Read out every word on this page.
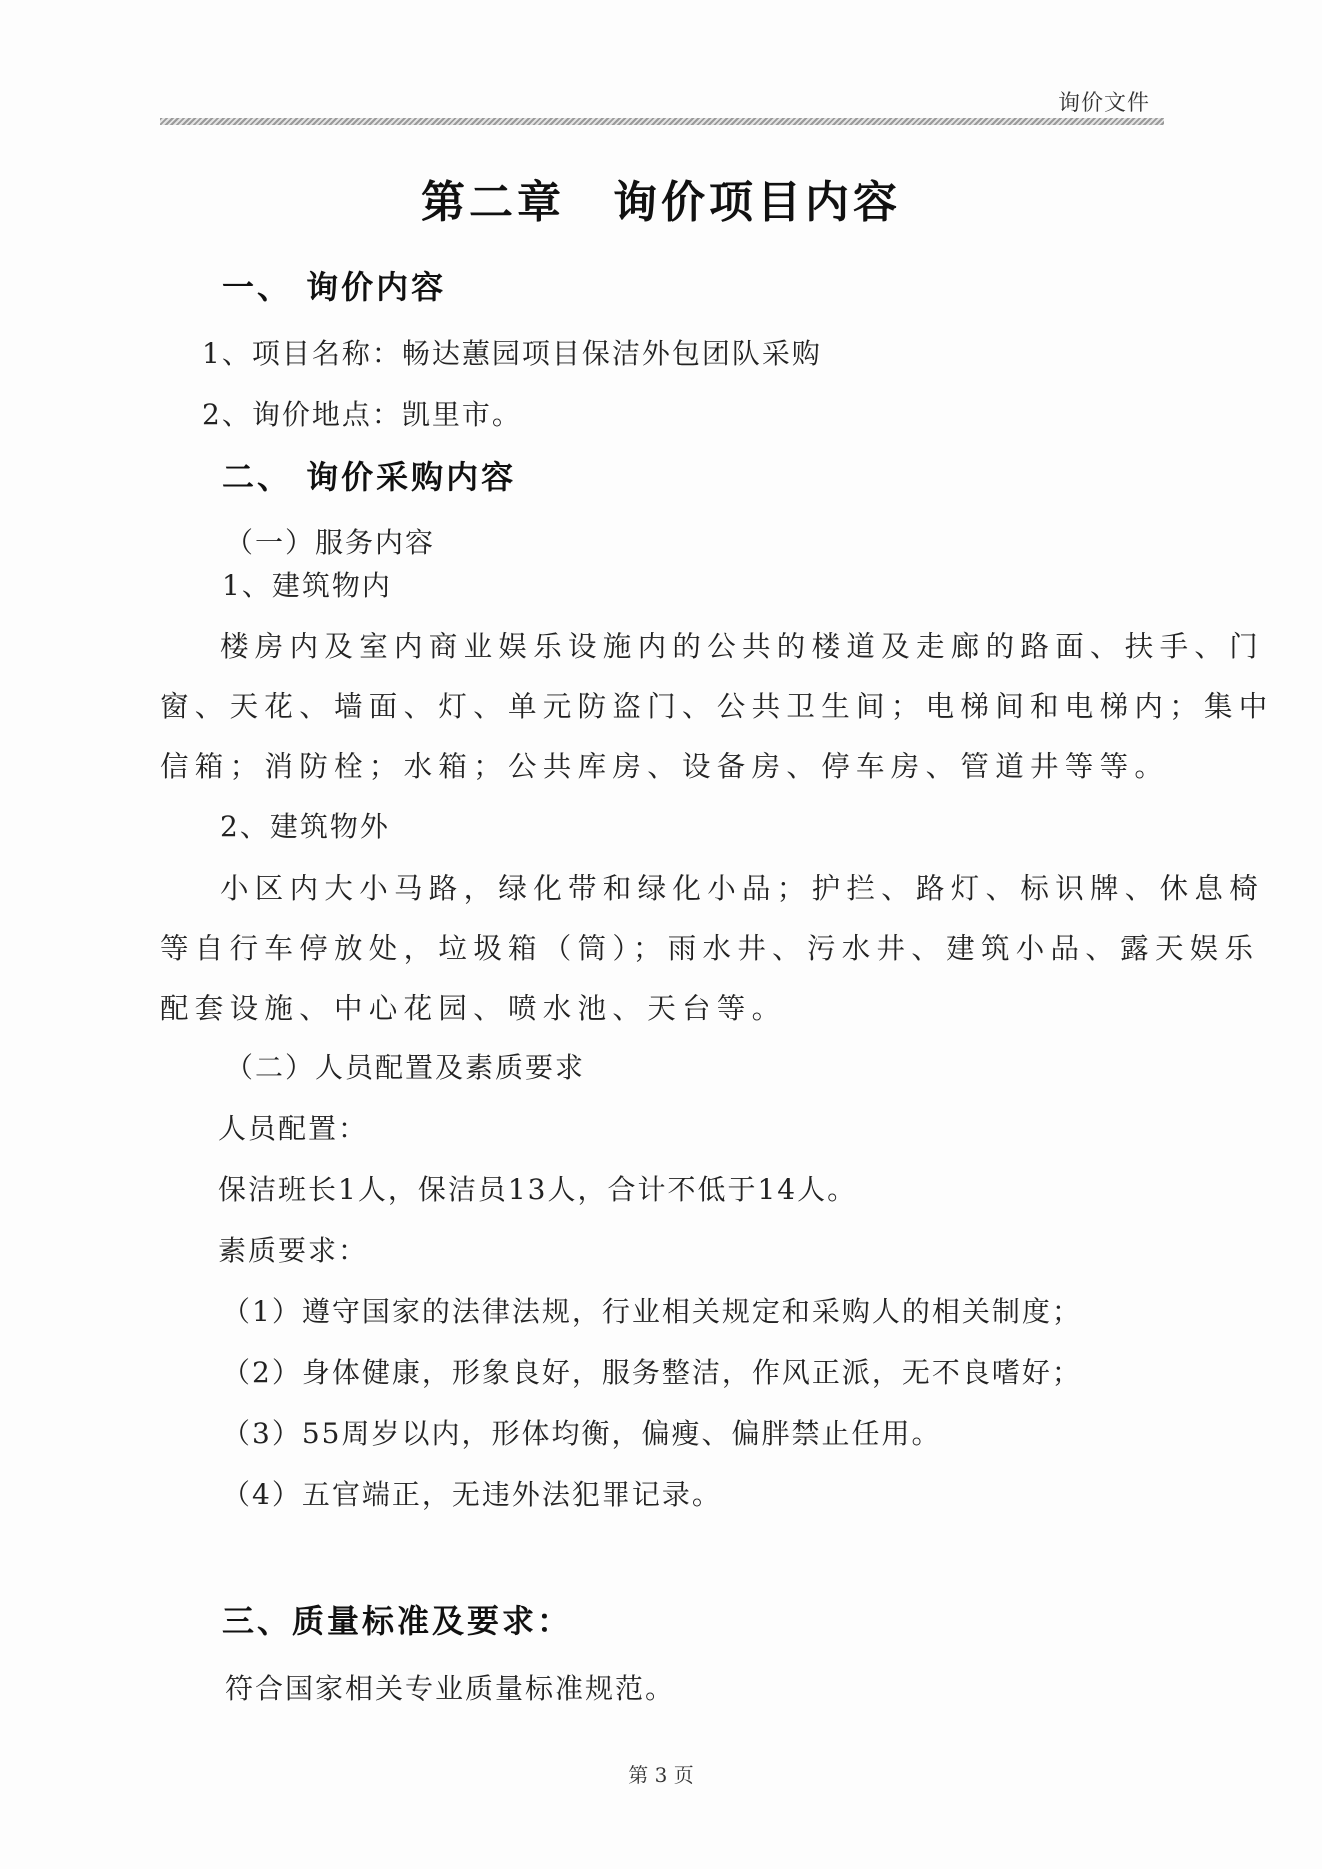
询价文件
第二章　询价项目内容
一、 询价内容
1、项目名称：畅达蕙园项目保洁外包团队采购
2、询价地点：凯里市。
二、 询价采购内容
（一）服务内容
1、建筑物内
楼房内及室内商业娱乐设施内的公共的楼道及走廊的路面、扶手、门
窗、天花、墙面、灯、单元防盗门、公共卫生间；电梯间和电梯内；集中
信箱；消防栓；水箱；公共库房、设备房、停车房、管道井等等。
2、建筑物外
小区内大小马路，绿化带和绿化小品；护拦、路灯、标识牌、休息椅
等自行车停放处，垃圾箱（筒）；雨水井、污水井、建筑小品、露天娱乐
配套设施、中心花园、喷水池、天台等。
（二）人员配置及素质要求
人员配置：
保洁班长1人，保洁员13人，合计不低于14人。
素质要求：
（1）遵守国家的法律法规，行业相关规定和采购人的相关制度；
（2）身体健康，形象良好，服务整洁，作风正派，无不良嗜好；
（3）55周岁以内，形体均衡，偏瘦、偏胖禁止任用。
（4）五官端正，无违外法犯罪记录。
三、质量标准及要求：
符合国家相关专业质量标准规范。
第 3 页
